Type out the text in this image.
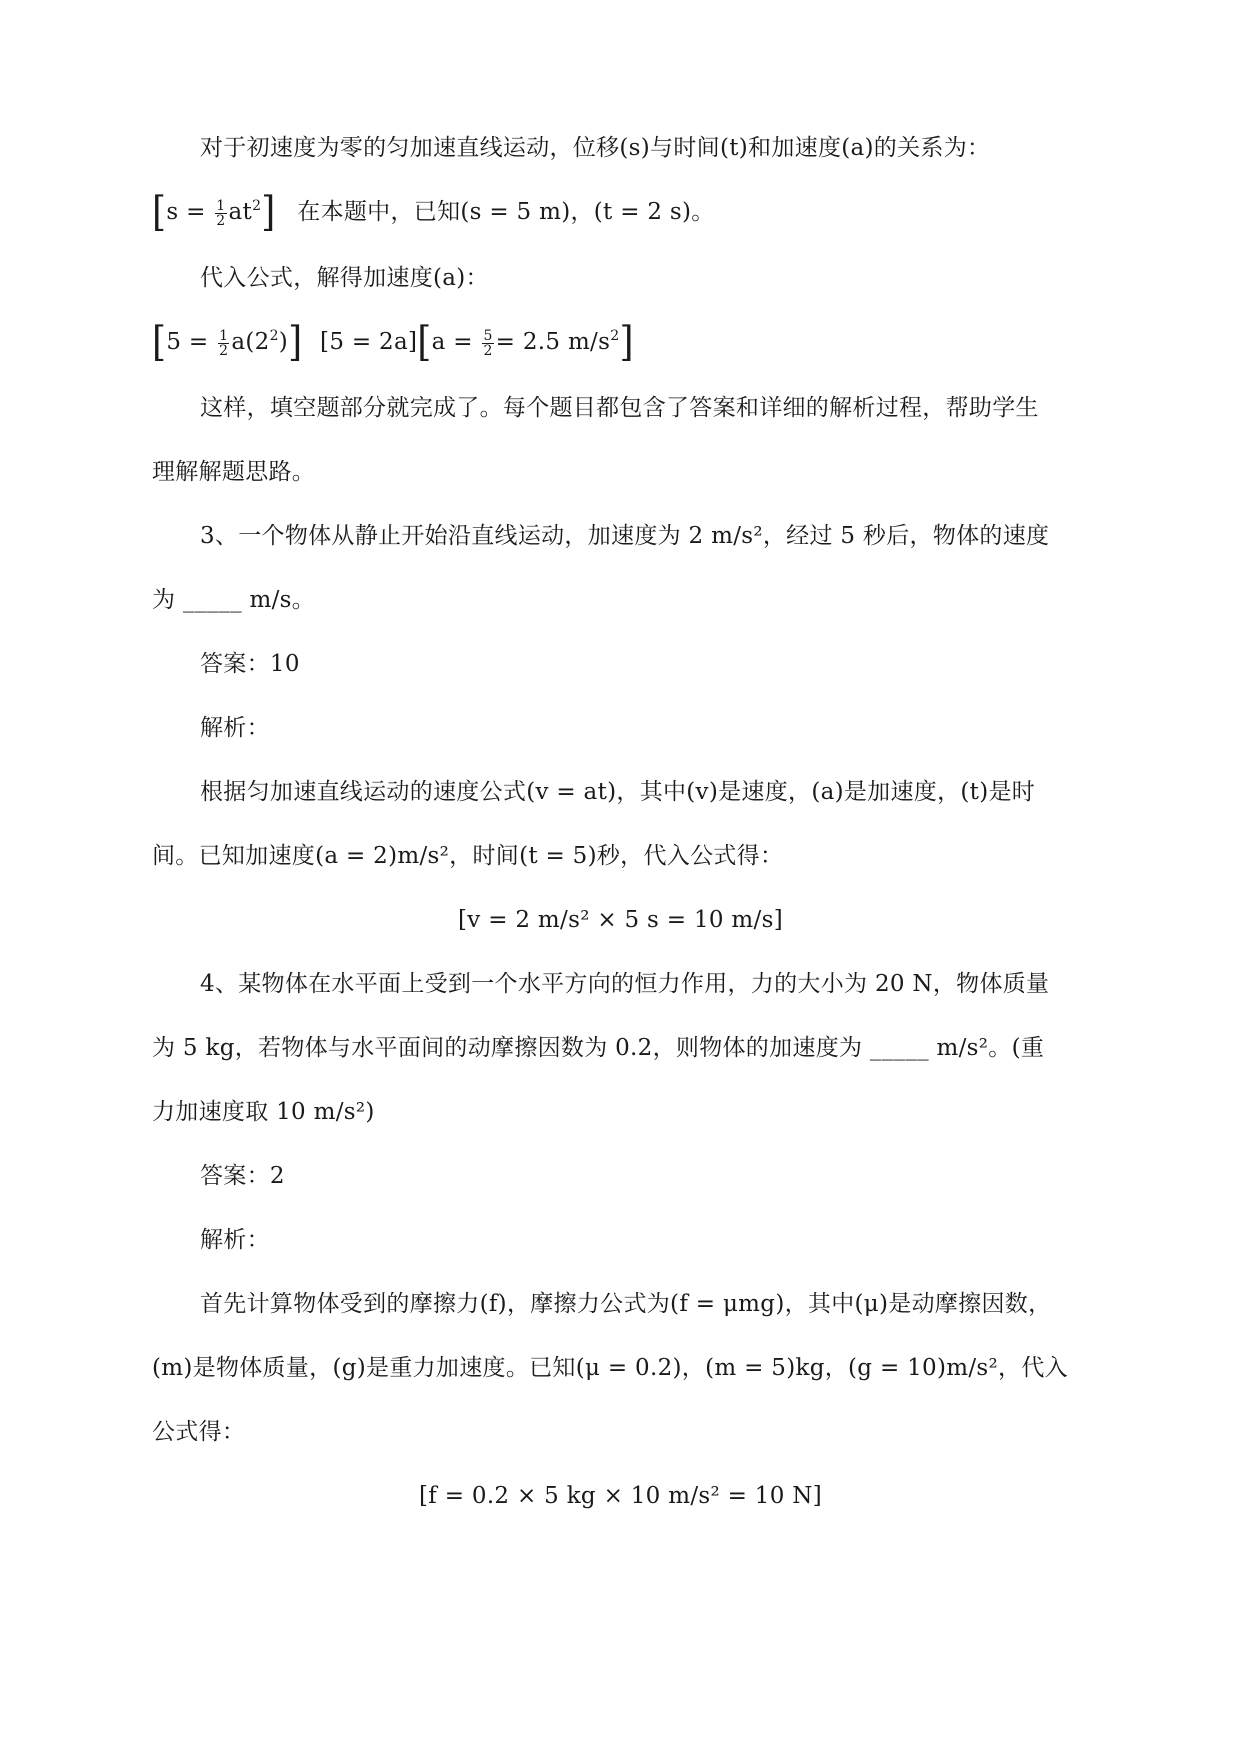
对于初速度为零的匀加速直线运动，位移(s)与时间(t)和加速度(a)的关系为：
$[s = \frac{1}{2} at^2]$ 在本题中，已知(s = 5 m)，(t = 2 s)。
代入公式，解得加速度(a)：
$[5 = \frac{1}{2} a(2^2)]$ $[5 = 2a][a = \frac{5}{2} = 2.5$ $m/s^2$]
这样，填空题部分就完成了。每个题目都包含了答案和详细的解析过程，帮助学生
理解解题思路。
3、一个物体从静止开始沿直线运动，加速度为 2 m/s²，经过 5 秒后，物体的速度
为 _____ m/s。
答案：10
解析：
根据匀加速直线运动的速度公式(v = at)，其中(v)是速度，(a)是加速度，(t)是时
间。已知加速度(a = 2)m/s²，时间(t = 5)秒，代入公式得：
[v = 2 m/s² × 5 s = 10 m/s]
4、某物体在水平面上受到一个水平方向的恒力作用，力的大小为 20 N，物体质量
为 5 kg，若物体与水平面间的动摩擦因数为 0.2，则物体的加速度为 _____ m/s²。(重
力加速度取 10 m/s²)
答案：2
解析：
首先计算物体受到的摩擦力(f)，摩擦力公式为(f = μmg)，其中(μ)是动摩擦因数，
(m)是物体质量，(g)是重力加速度。已知(μ = 0.2)，(m = 5)kg，(g = 10)m/s²，代入
公式得：
[f = 0.2 × 5 kg × 10 m/s² = 10 N]
